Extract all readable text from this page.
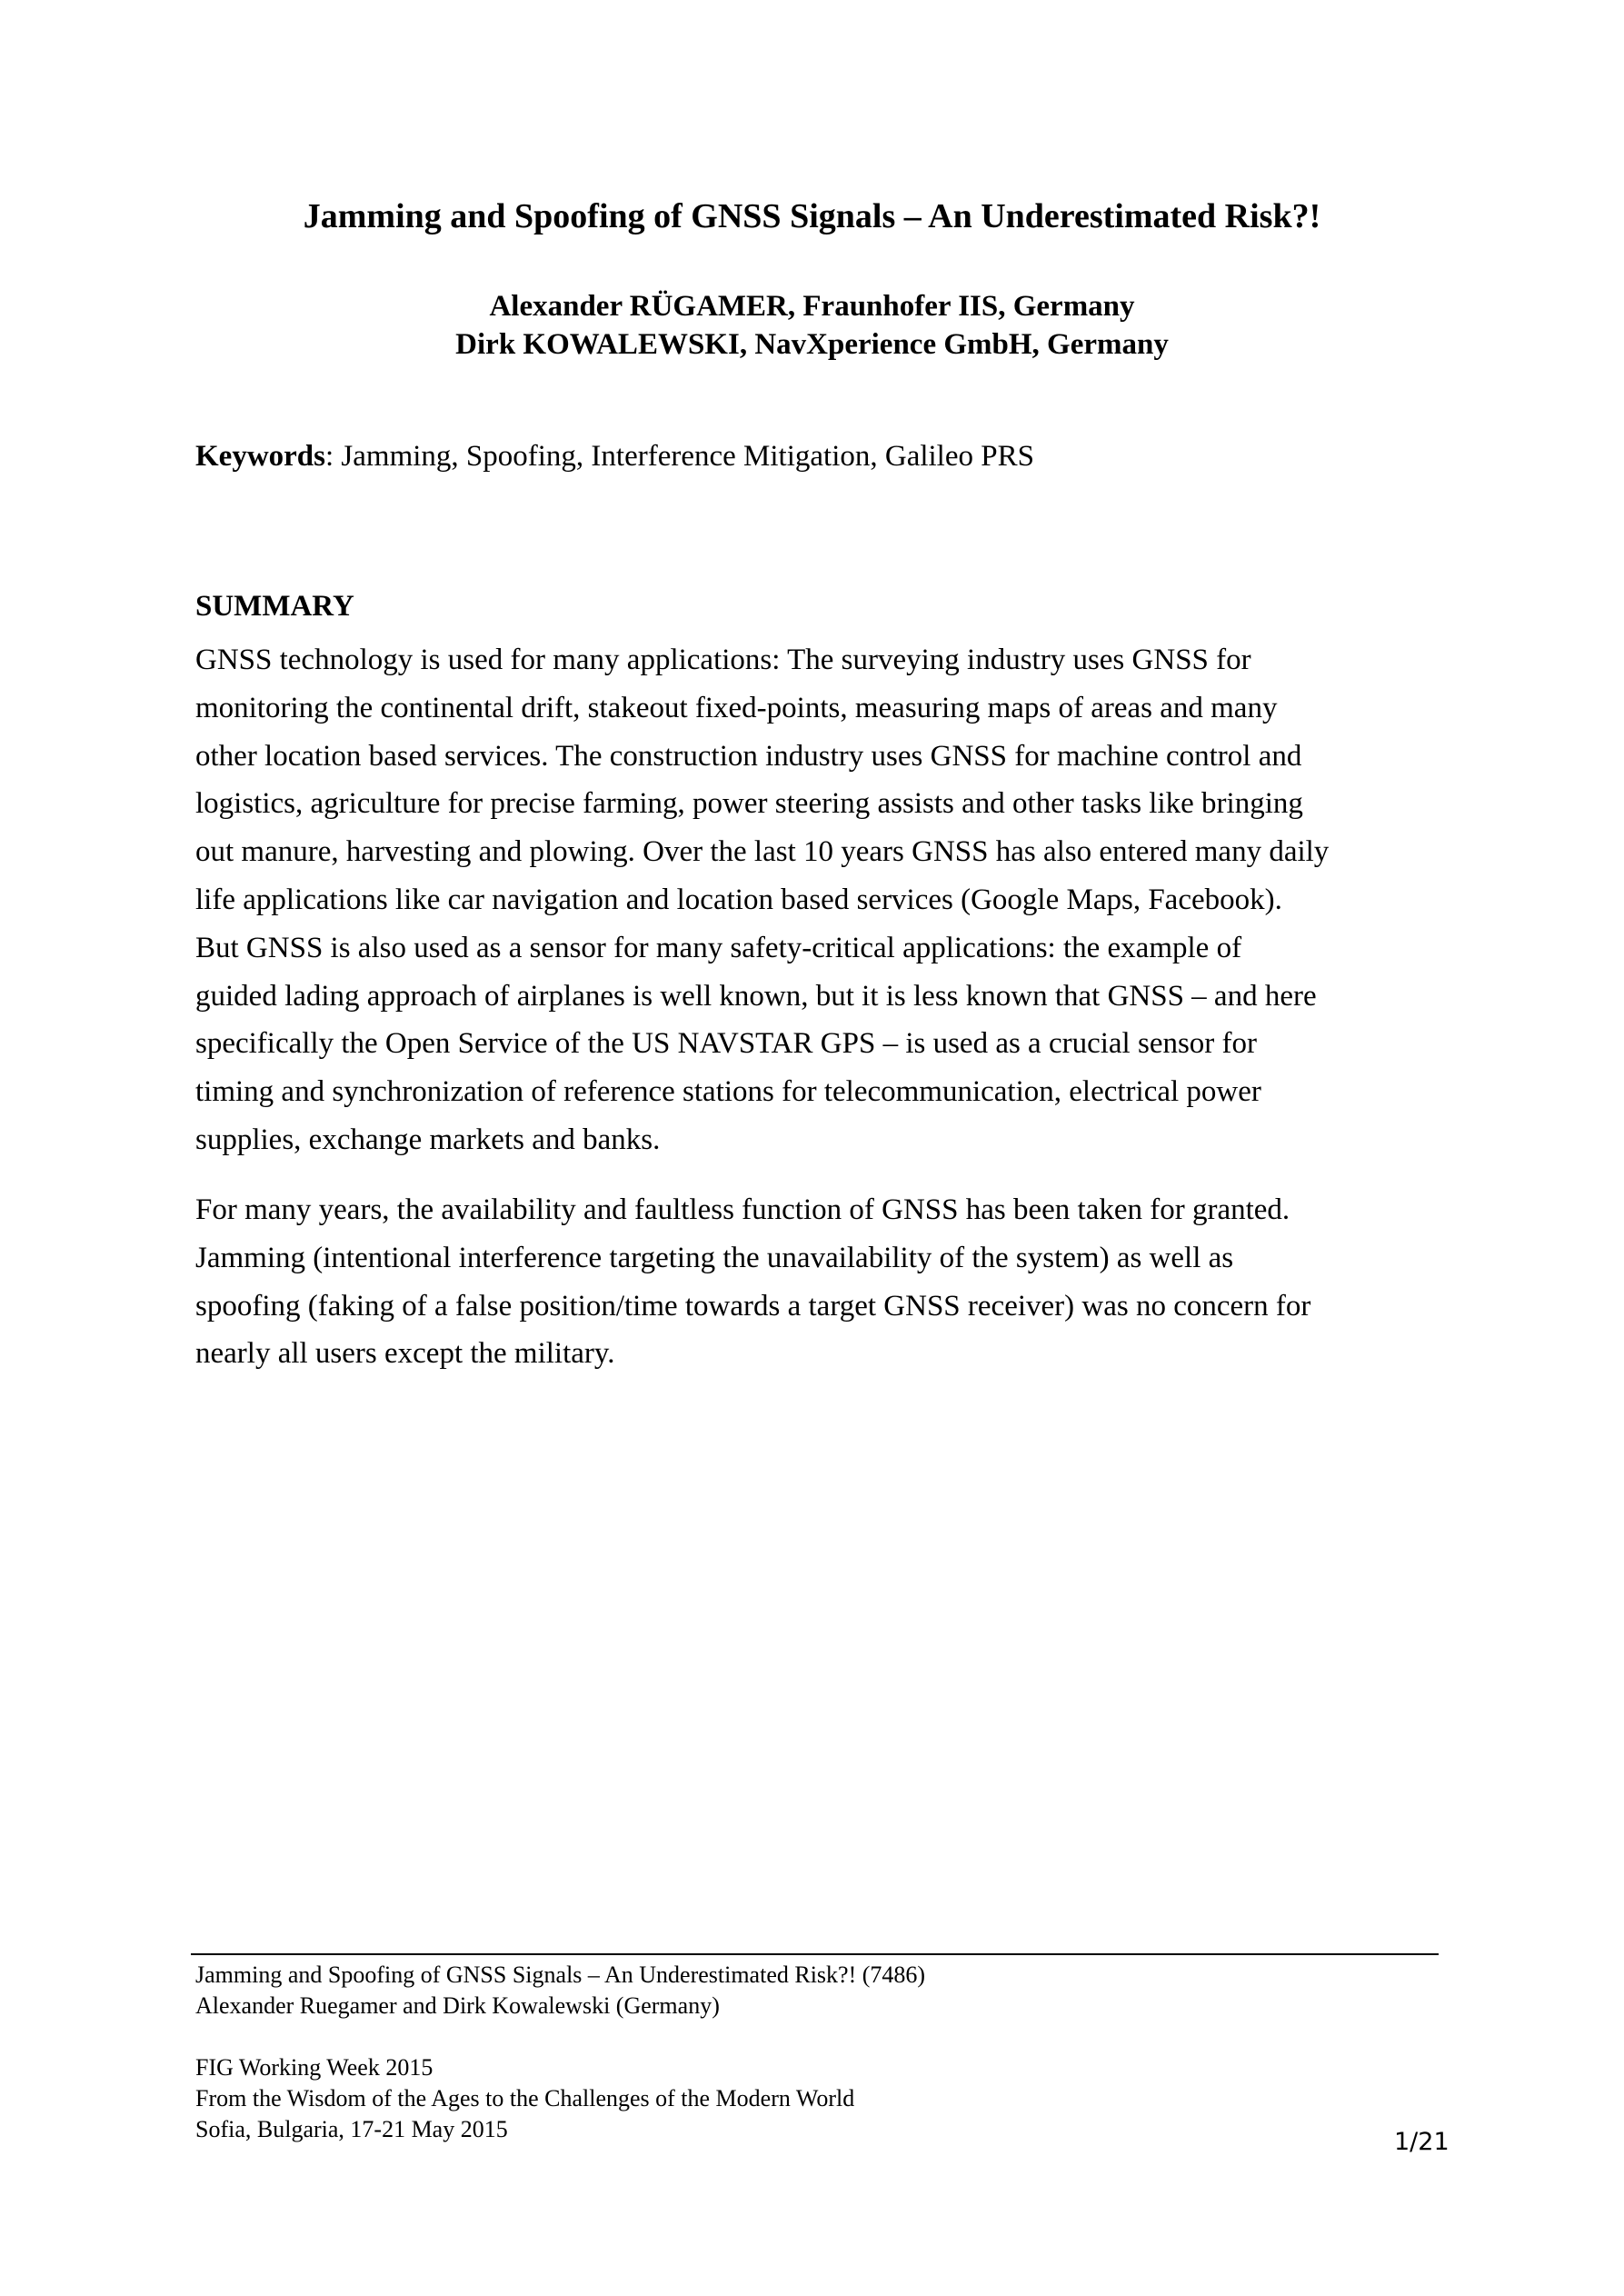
Jamming and Spoofing of GNSS Signals – An Underestimated Risk?!
Alexander RÜGAMER, Fraunhofer IIS, Germany
Dirk KOWALEWSKI, NavXperience GmbH, Germany
Keywords: Jamming, Spoofing, Interference Mitigation, Galileo PRS
SUMMARY

GNSS technology is used for many applications: The surveying industry uses GNSS for
monitoring the continental drift, stakeout fixed-points, measuring maps of areas and many
other location based services. The construction industry uses GNSS for machine control and
logistics, agriculture for precise farming, power steering assists and other tasks like bringing
out manure, harvesting and plowing. Over the last 10 years GNSS has also entered many daily
life applications like car navigation and location based services (Google Maps, Facebook).
But GNSS is also used as a sensor for many safety-critical applications: the example of
guided lading approach of airplanes is well known, but it is less known that GNSS – and here
specifically the Open Service of the US NAVSTAR GPS – is used as a crucial sensor for
timing and synchronization of reference stations for telecommunication, electrical power
supplies, exchange markets and banks.

For many years, the availability and faultless function of GNSS has been taken for granted.
Jamming (intentional interference targeting the unavailability of the system) as well as
spoofing (faking of a false position/time towards a target GNSS receiver) was no concern for
nearly all users except the military.

Jamming and Spoofing of GNSS Signals – An Underestimated Risk?! (7486)
Alexander Ruegamer and Dirk Kowalewski (Germany)
FIG Working Week 2015
From the Wisdom of the Ages to the Challenges of the Modern World
Sofia, Bulgaria, 17-21 May 2015	1/21
